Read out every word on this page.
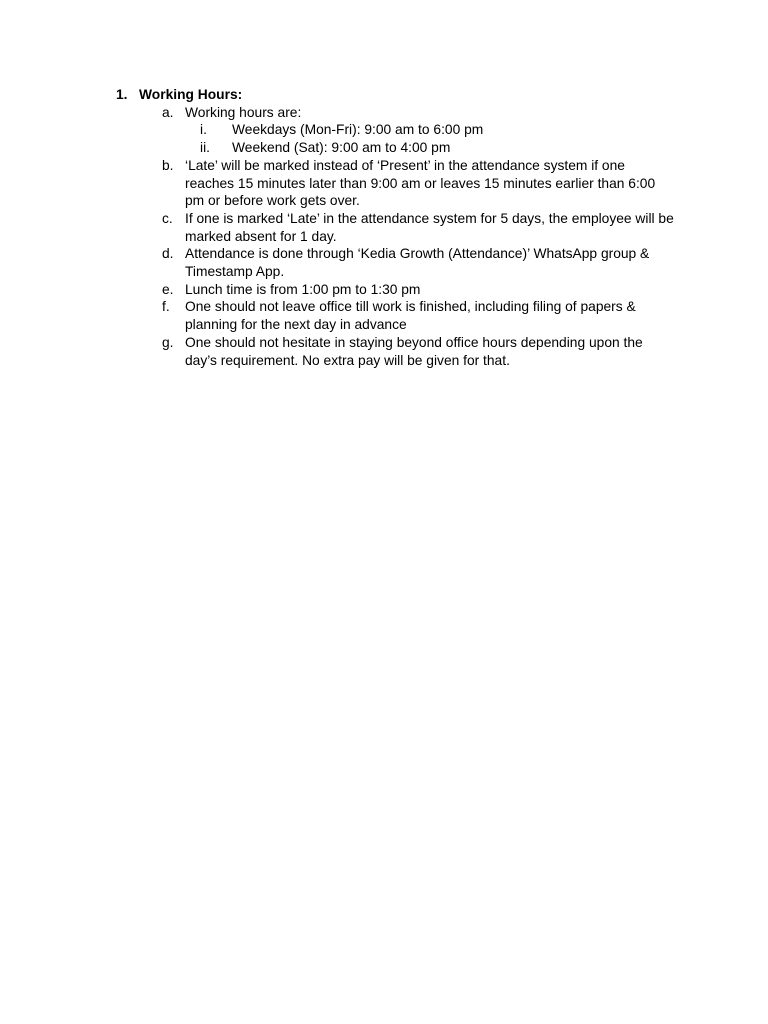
1. Working Hours:
a. Working hours are:
i. Weekdays (Mon-Fri): 9:00 am to 6:00 pm
ii. Weekend (Sat): 9:00 am to 4:00 pm
b. ‘Late’ will be marked instead of ‘Present’ in the attendance system if one reaches 15 minutes later than 9:00 am or leaves 15 minutes earlier than 6:00 pm or before work gets over.
c. If one is marked ‘Late’ in the attendance system for 5 days, the employee will be marked absent for 1 day.
d. Attendance is done through ‘Kedia Growth (Attendance)’ WhatsApp group & Timestamp App.
e. Lunch time is from 1:00 pm to 1:30 pm
f. One should not leave office till work is finished, including filing of papers & planning for the next day in advance
g. One should not hesitate in staying beyond office hours depending upon the day’s requirement. No extra pay will be given for that.
